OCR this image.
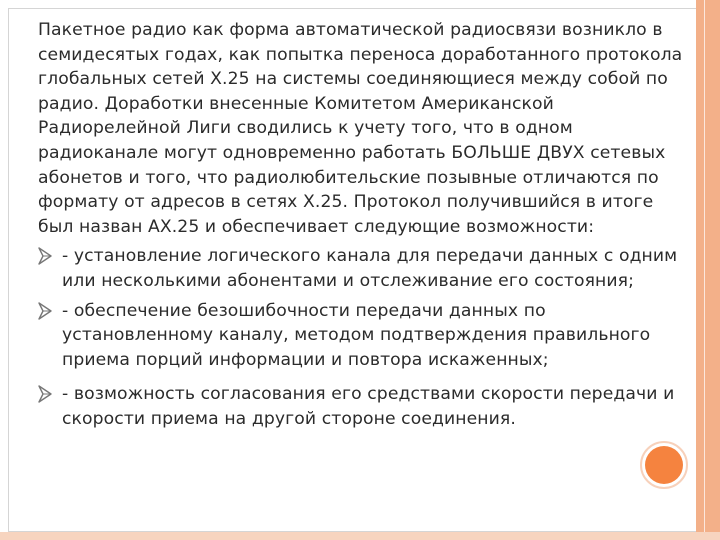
Пакетное радио как форма автоматической радиосвязи возникло в семидесятых годах, как попытка переноса доработанного протокола глобальных сетей X.25 на системы соединяющиеся между собой по радио. Доработки внесенные Комитетом Американской Радиорелейной Лиги сводились к учету того, что в одном радиоканале могут одновременно работать БОЛЬШЕ ДВУХ сетевых абонетов и того, что радиолюбительские позывные отличаются по формату от адресов в сетях X.25. Протокол получившийся в итоге был назван AX.25 и обеспечивает следующие возможности:

- установление логического канала для передачи данных с одним или несколькими абонентами и отслеживание его состояния;
- обеспечение безошибочности передачи данных по установленному каналу, методом подтверждения правильного приема порций информации и повтора искаженных;
- возможность согласования его средствами скорости передачи и скорости приема на другой стороне соединения.
